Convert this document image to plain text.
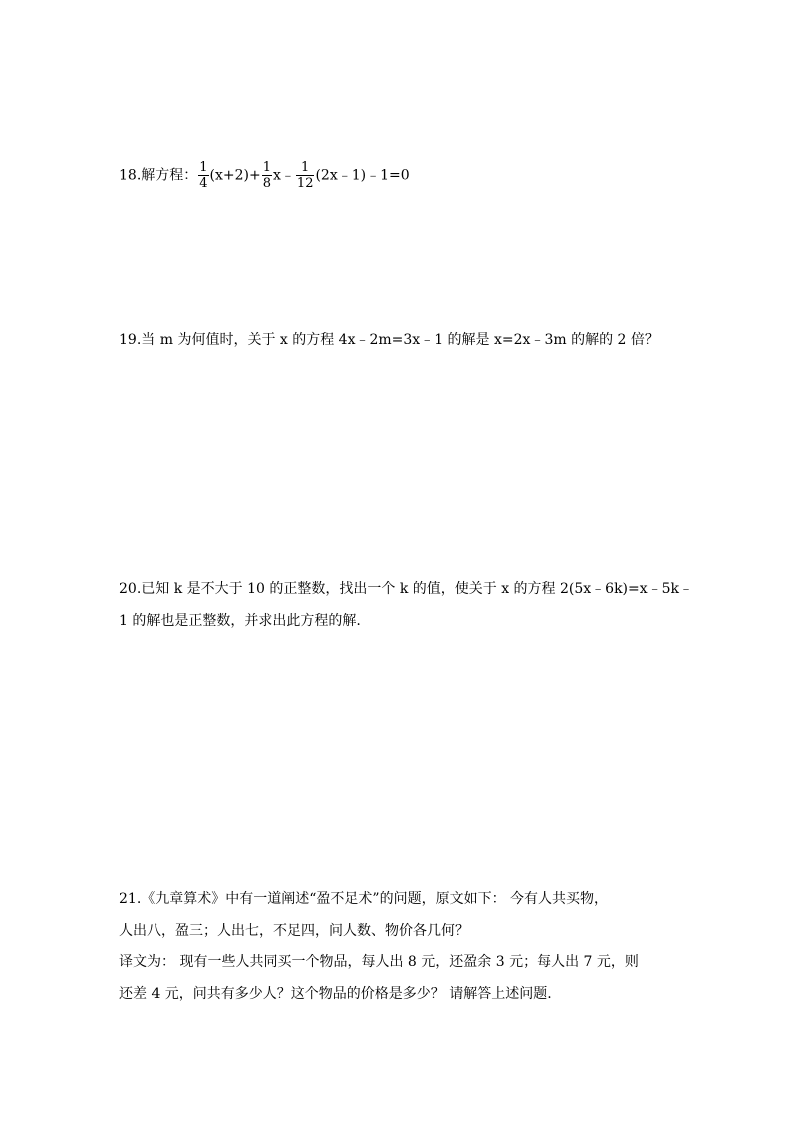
18.解方程： $\frac{1}{4} (x+2)+ \frac{1}{8}$ x﹣ $\frac{1}{12}$ (2x﹣1)﹣1=0
19.当 m 为何值时，关于 x 的方程 4x﹣2m=3x﹣1 的解是 x=2x﹣3m 的解的 2 倍？
20.已知 k 是不大于 10 的正整数，找出一个 k 的值，使关于 x 的方程 2(5x﹣6k)=x﹣5k﹣
1 的解也是正整数，并求出此方程的解.
21.《九章算术》中有一道阐述“盈不足术”的问题，原文如下： 今有人共买物，
人出八，盈三；人出七，不足四，问人数、物价各几何？
译文为： 现有一些人共同买一个物品，每人出 8 元，还盈余 3 元；每人出 7 元，则
还差 4 元，问共有多少人？这个物品的价格是多少？ 请解答上述问题.
